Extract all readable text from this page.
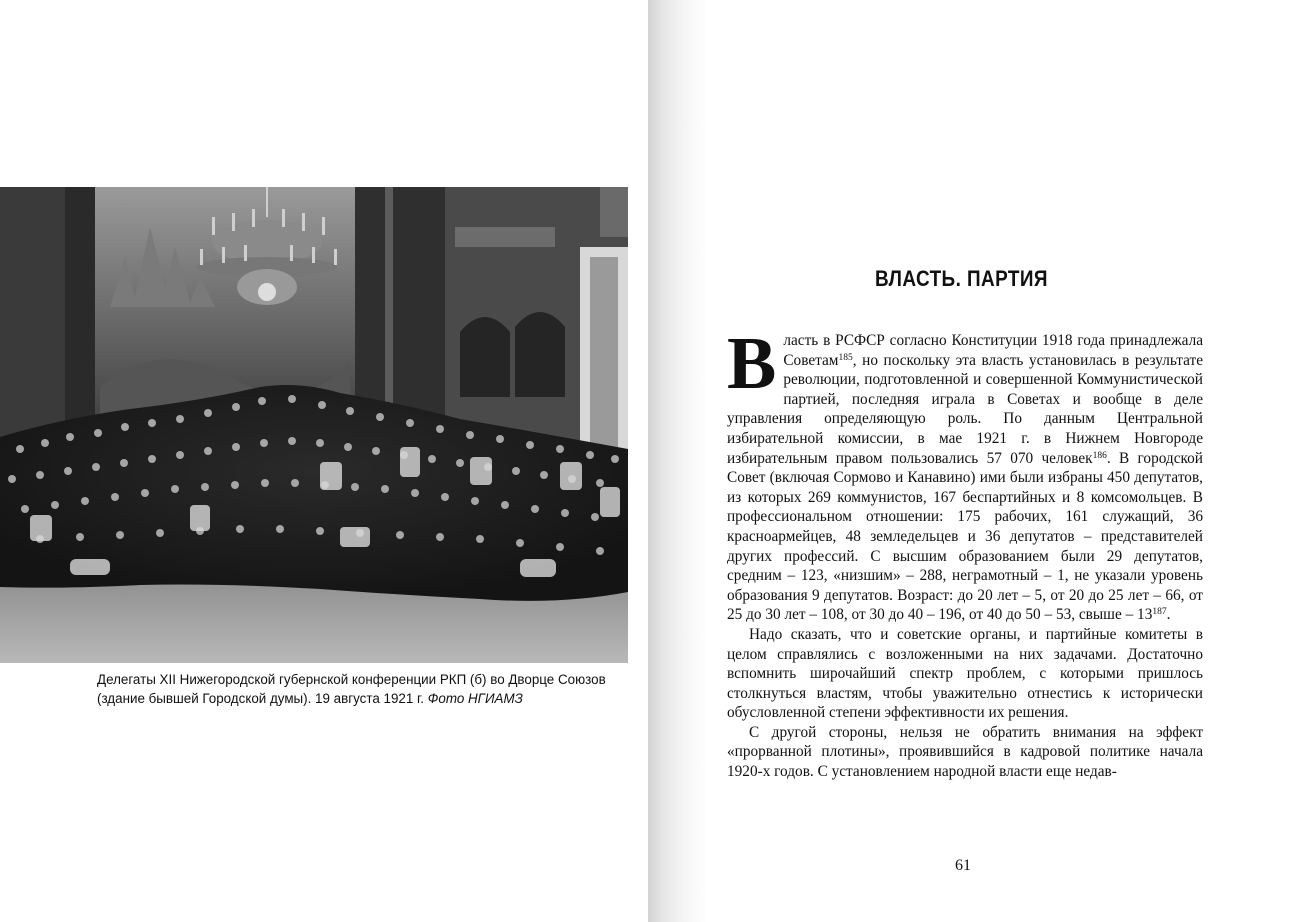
Делегаты XII Нижегородской губернской конференции РКП (б) во Дворце Союзов (здание бывшей Городской думы). 19 августа 1921 г. Фото НГИАМЗ

ВЛАСТЬ. ПАРТИЯ

Власть в РСФСР согласно Конституции 1918 года принадлежала Советам$^{185}$, но поскольку эта власть установилась в результате революции, подготовленной и совершенной Коммунистической партией, последняя играла в Советах и вообще в деле управления определяющую роль. По данным Центральной избирательной комиссии, в мае 1921 г. в Нижнем Новгороде избирательным правом пользовались 57 070 человек$^{186}$. В городской Совет (включая Сормово и Канавино) ими были избраны 450 депутатов, из которых 269 коммунистов, 167 беспартийных и 8 комсомольцев. В профессиональном отношении: 175 рабочих, 161 служащий, 36 красноармейцев, 48 земледельцев и 36 депутатов – представителей других профессий. С высшим образованием были 29 депутатов, средним – 123, «низшим» – 288, неграмотный – 1, не указали уровень образования 9 депутатов. Возраст: до 20 лет – 5, от 20 до 25 лет – 66, от 25 до 30 лет – 108, от 30 до 40 – 196, от 40 до 50 – 53, свыше – $13^{187}$.

Надо сказать, что и советские органы, и партийные комитеты в целом справлялись с возложенными на них задачами. Достаточно вспомнить широчайший спектр проблем, с которыми пришлось столкнуться властям, чтобы уважительно отнестись к исторически обусловленной степени эффективности их решения.

С другой стороны, нельзя не обратить внимания на эффект «прорванной плотины», проявившийся в кадровой политике начала 1920-х годов. С установлением народной власти еще недав-

61
